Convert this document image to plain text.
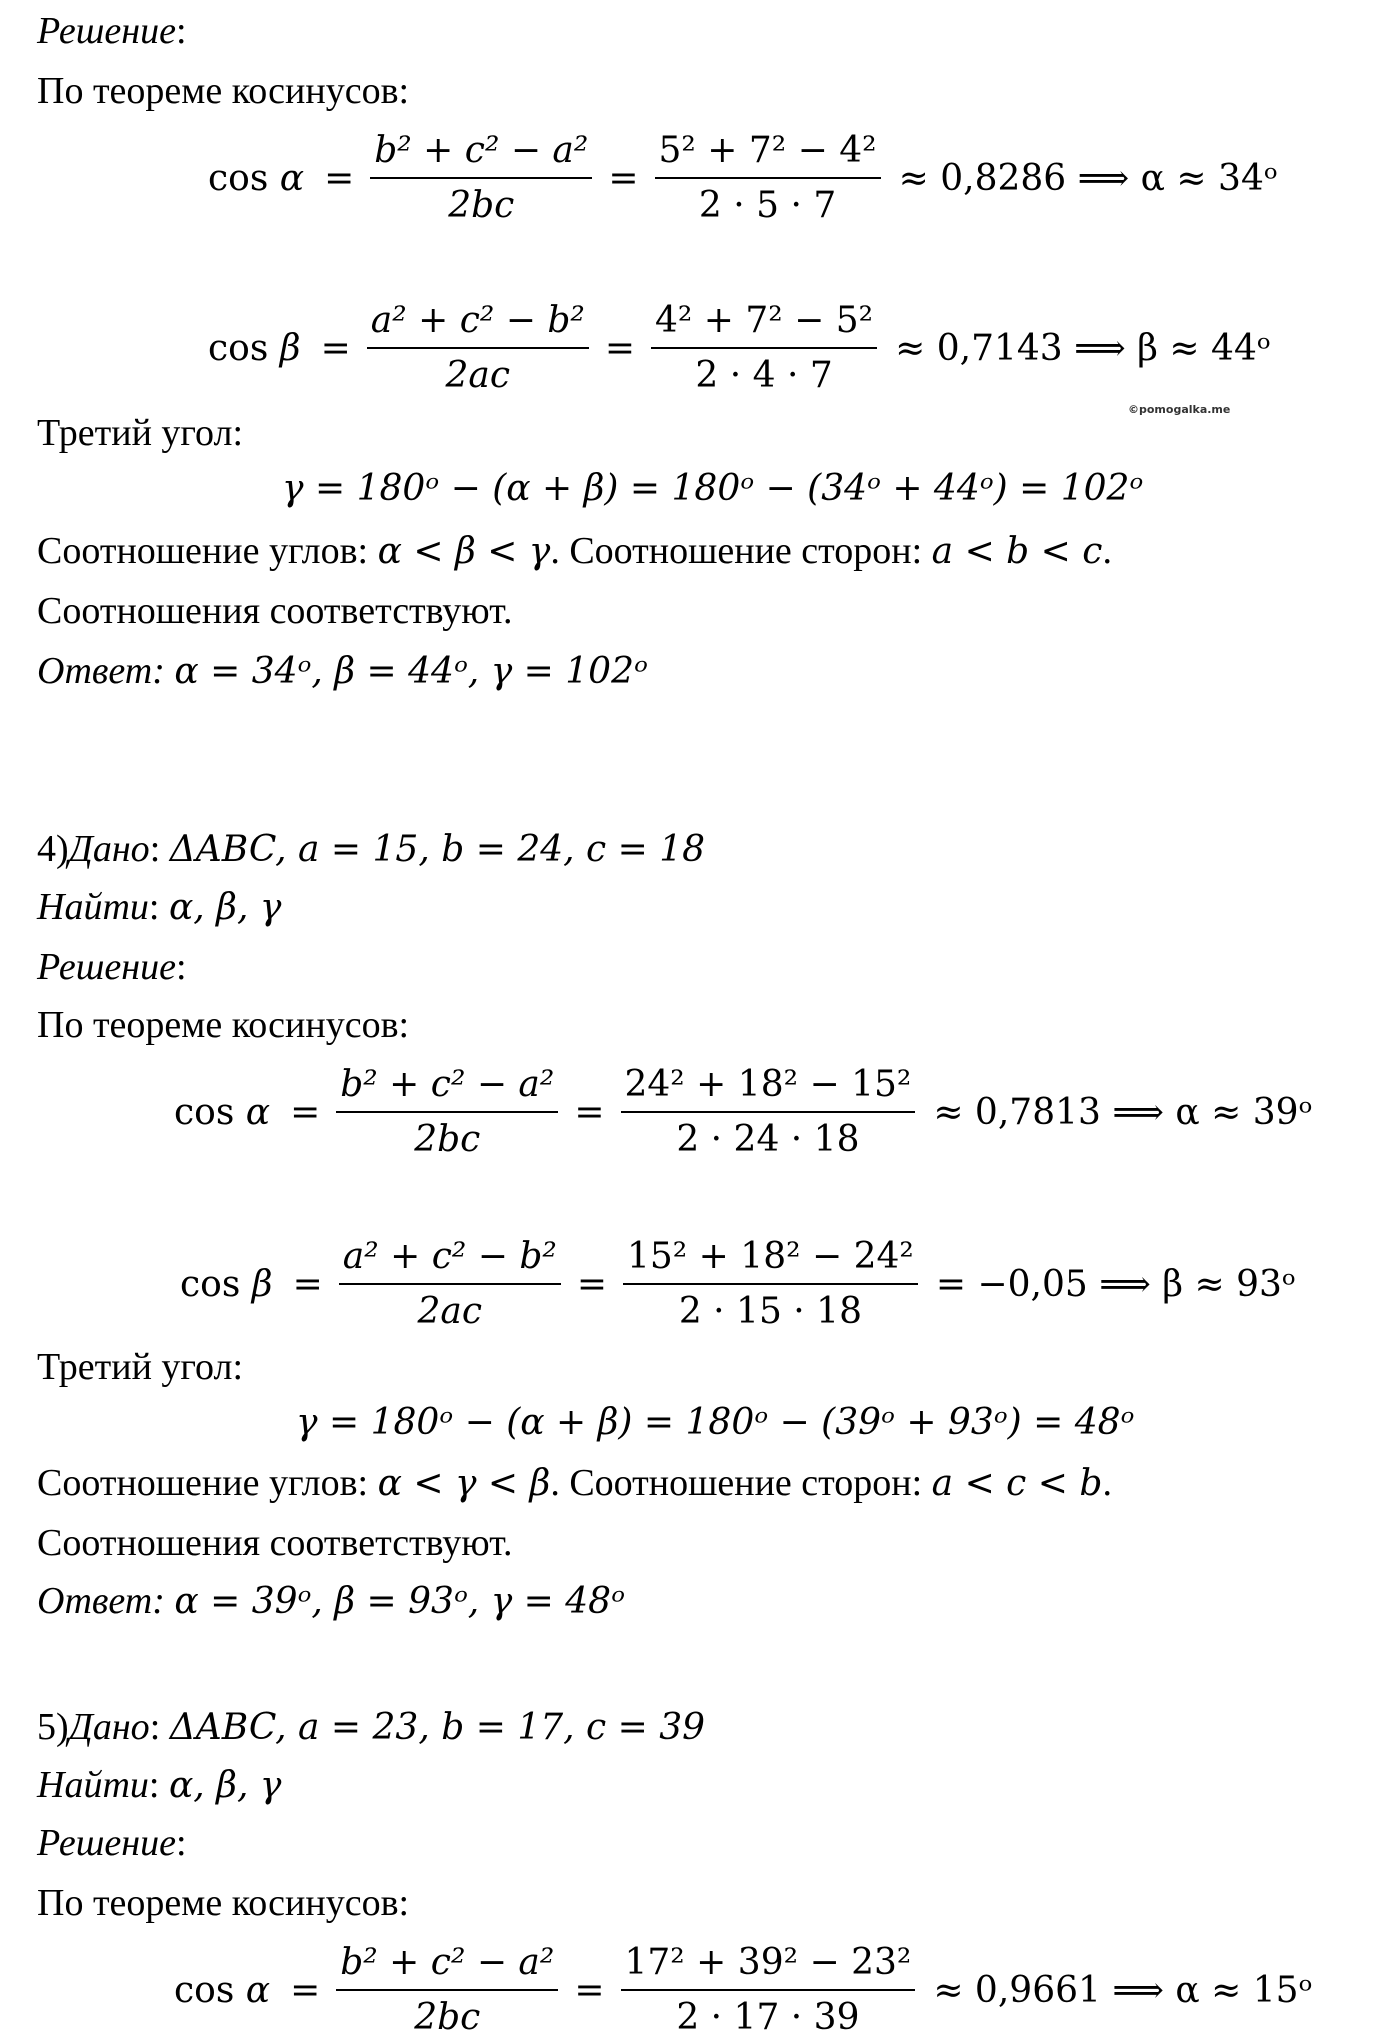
Решение:
По теореме косинусов:
$\cos \alpha = \frac{\text{b² + c² − a²}}{2bc} = \frac{\text{5² + 7² − 4²}}{2 \cdot 5 \cdot 7} \approx 0,8286$ ⟹ α ≈ 34ᵒ
$\cos \beta = \frac{\text{a² + c² − b²}}{2ac} = \frac{\text{4² + 7² − 5²}}{2 \cdot 4 \cdot 7} \approx 0,7143$ ⟹ β ≈ 44ᵒ
©pomogalka.me
Третий угол:
γ = 180ᵒ − (α + β) = 180ᵒ − (34ᵒ + 44ᵒ) = 102ᵒ
Соотношение углов: α < β < γ. Соотношение сторон: a < b < c.
Соотношения соответствуют.
Ответ: α = 34ᵒ, β = 44ᵒ, γ = 102ᵒ
4)Дано: ΔABC, a = 15, b = 24, c = 18
Найти: α, β, γ
Решение:
По теореме косинусов:
$\cos \alpha = \frac{\text{b² + c² − a²}}{2bc} = \frac{\text{24² + 18² − 15²}}{2 \cdot 24 \cdot 18} \approx 0,7813$ ⟹ α ≈ 39ᵒ
$\cos \beta = \frac{\text{a² + c² − b²}}{2ac} = \frac{\text{15² + 18² − 24²}}{2 \cdot 15 \cdot 18} = -0,05$ ⟹ β ≈ 93ᵒ
Третий угол:
γ = 180ᵒ − (α + β) = 180ᵒ − (39ᵒ + 93ᵒ) = 48ᵒ
Соотношение углов: α < γ < β. Соотношение сторон: a < c < b.
Соотношения соответствуют.
Ответ: α = 39ᵒ, β = 93ᵒ, γ = 48ᵒ
5)Дано: ΔABC, a = 23, b = 17, c = 39
Найти: α, β, γ
Решение:
По теореме косинусов:
$\cos \alpha = \frac{\text{b² + c² − a²}}{2bc} = \frac{\text{17² + 39² − 23²}}{2 \cdot 17 \cdot 39} \approx 0,9661$ ⟹ α ≈ 15ᵒ
